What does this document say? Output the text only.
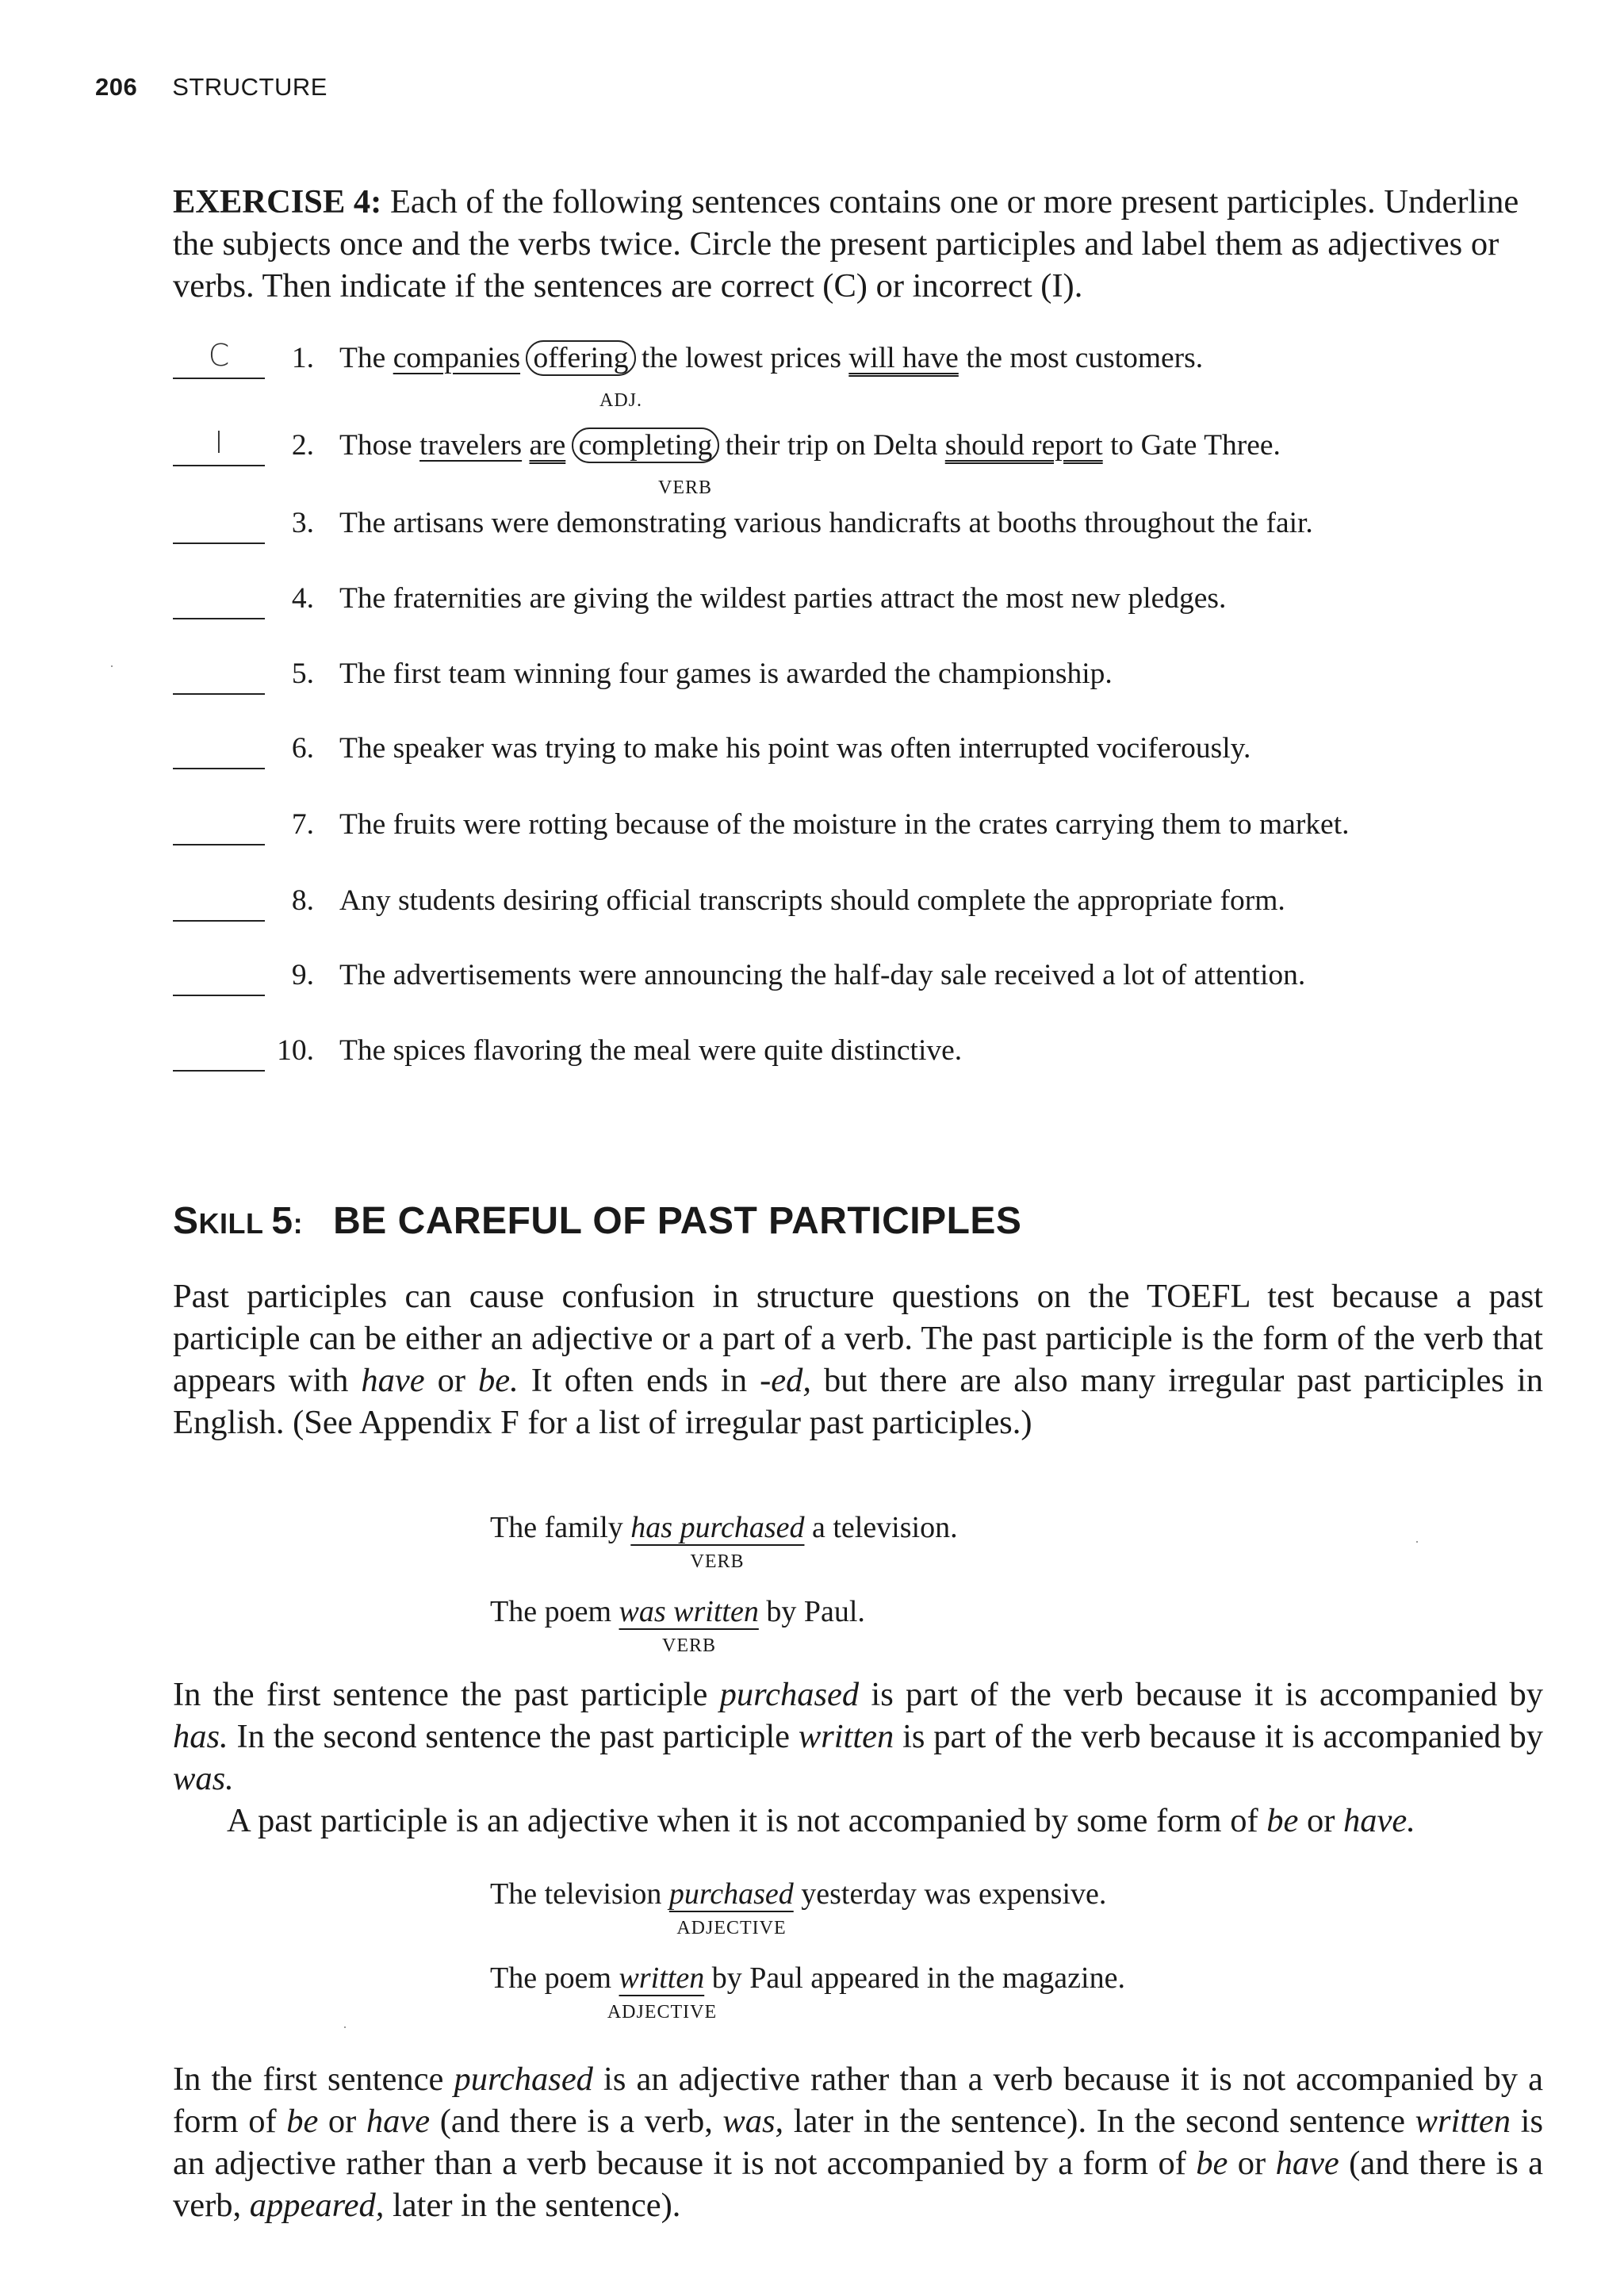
206 STRUCTURE
EXERCISE 4: Each of the following sentences contains one or more present participles. Underline the subjects once and the verbs twice. Circle the present participles and label them as adjectives or verbs. Then indicate if the sentences are correct (C) or incorrect (I).
C	1. The companies offering the lowest prices will have the most customers.
ADJ.
I	2. Those travelers are completing their trip on Delta should report to Gate Three.
VERB
3. The artisans were demonstrating various handicrafts at booths throughout the fair.
4. The fraternities are giving the wildest parties attract the most new pledges.
5. The first team winning four games is awarded the championship.
6. The speaker was trying to make his point was often interrupted vociferously.
7. The fruits were rotting because of the moisture in the crates carrying them to market.
8. Any students desiring official transcripts should complete the appropriate form.
9. The advertisements were announcing the half-day sale received a lot of attention.
10. The spices flavoring the meal were quite distinctive.
SKILL 5: BE CAREFUL OF PAST PARTICIPLES
Past participles can cause confusion in structure questions on the TOEFL test because a past participle can be either an adjective or a part of a verb. The past participle is the form of the verb that appears with have or be. It often ends in -ed, but there are also many irregular past participles in English. (See Appendix F for a list of irregular past participles.)
In the first sentence the past participle purchased is part of the verb because it is accompanied by has. In the second sentence the past participle written is part of the verb because it is accompanied by was.
A past participle is an adjective when it is not accompanied by some form of be or have.
In the first sentence purchased is an adjective rather than a verb because it is not accompanied by a form of be or have (and there is a verb, was, later in the sentence). In the second sentence written is an adjective rather than a verb because it is not accompanied by a form of be or have (and there is a verb, appeared, later in the sentence).
The family has purchased a television.
VERB
The poem was written by Paul.
VERB
The television purchased yesterday was expensive.
ADJECTIVE
The poem written by Paul appeared in the magazine.
ADJECTIVE
·
·
·
